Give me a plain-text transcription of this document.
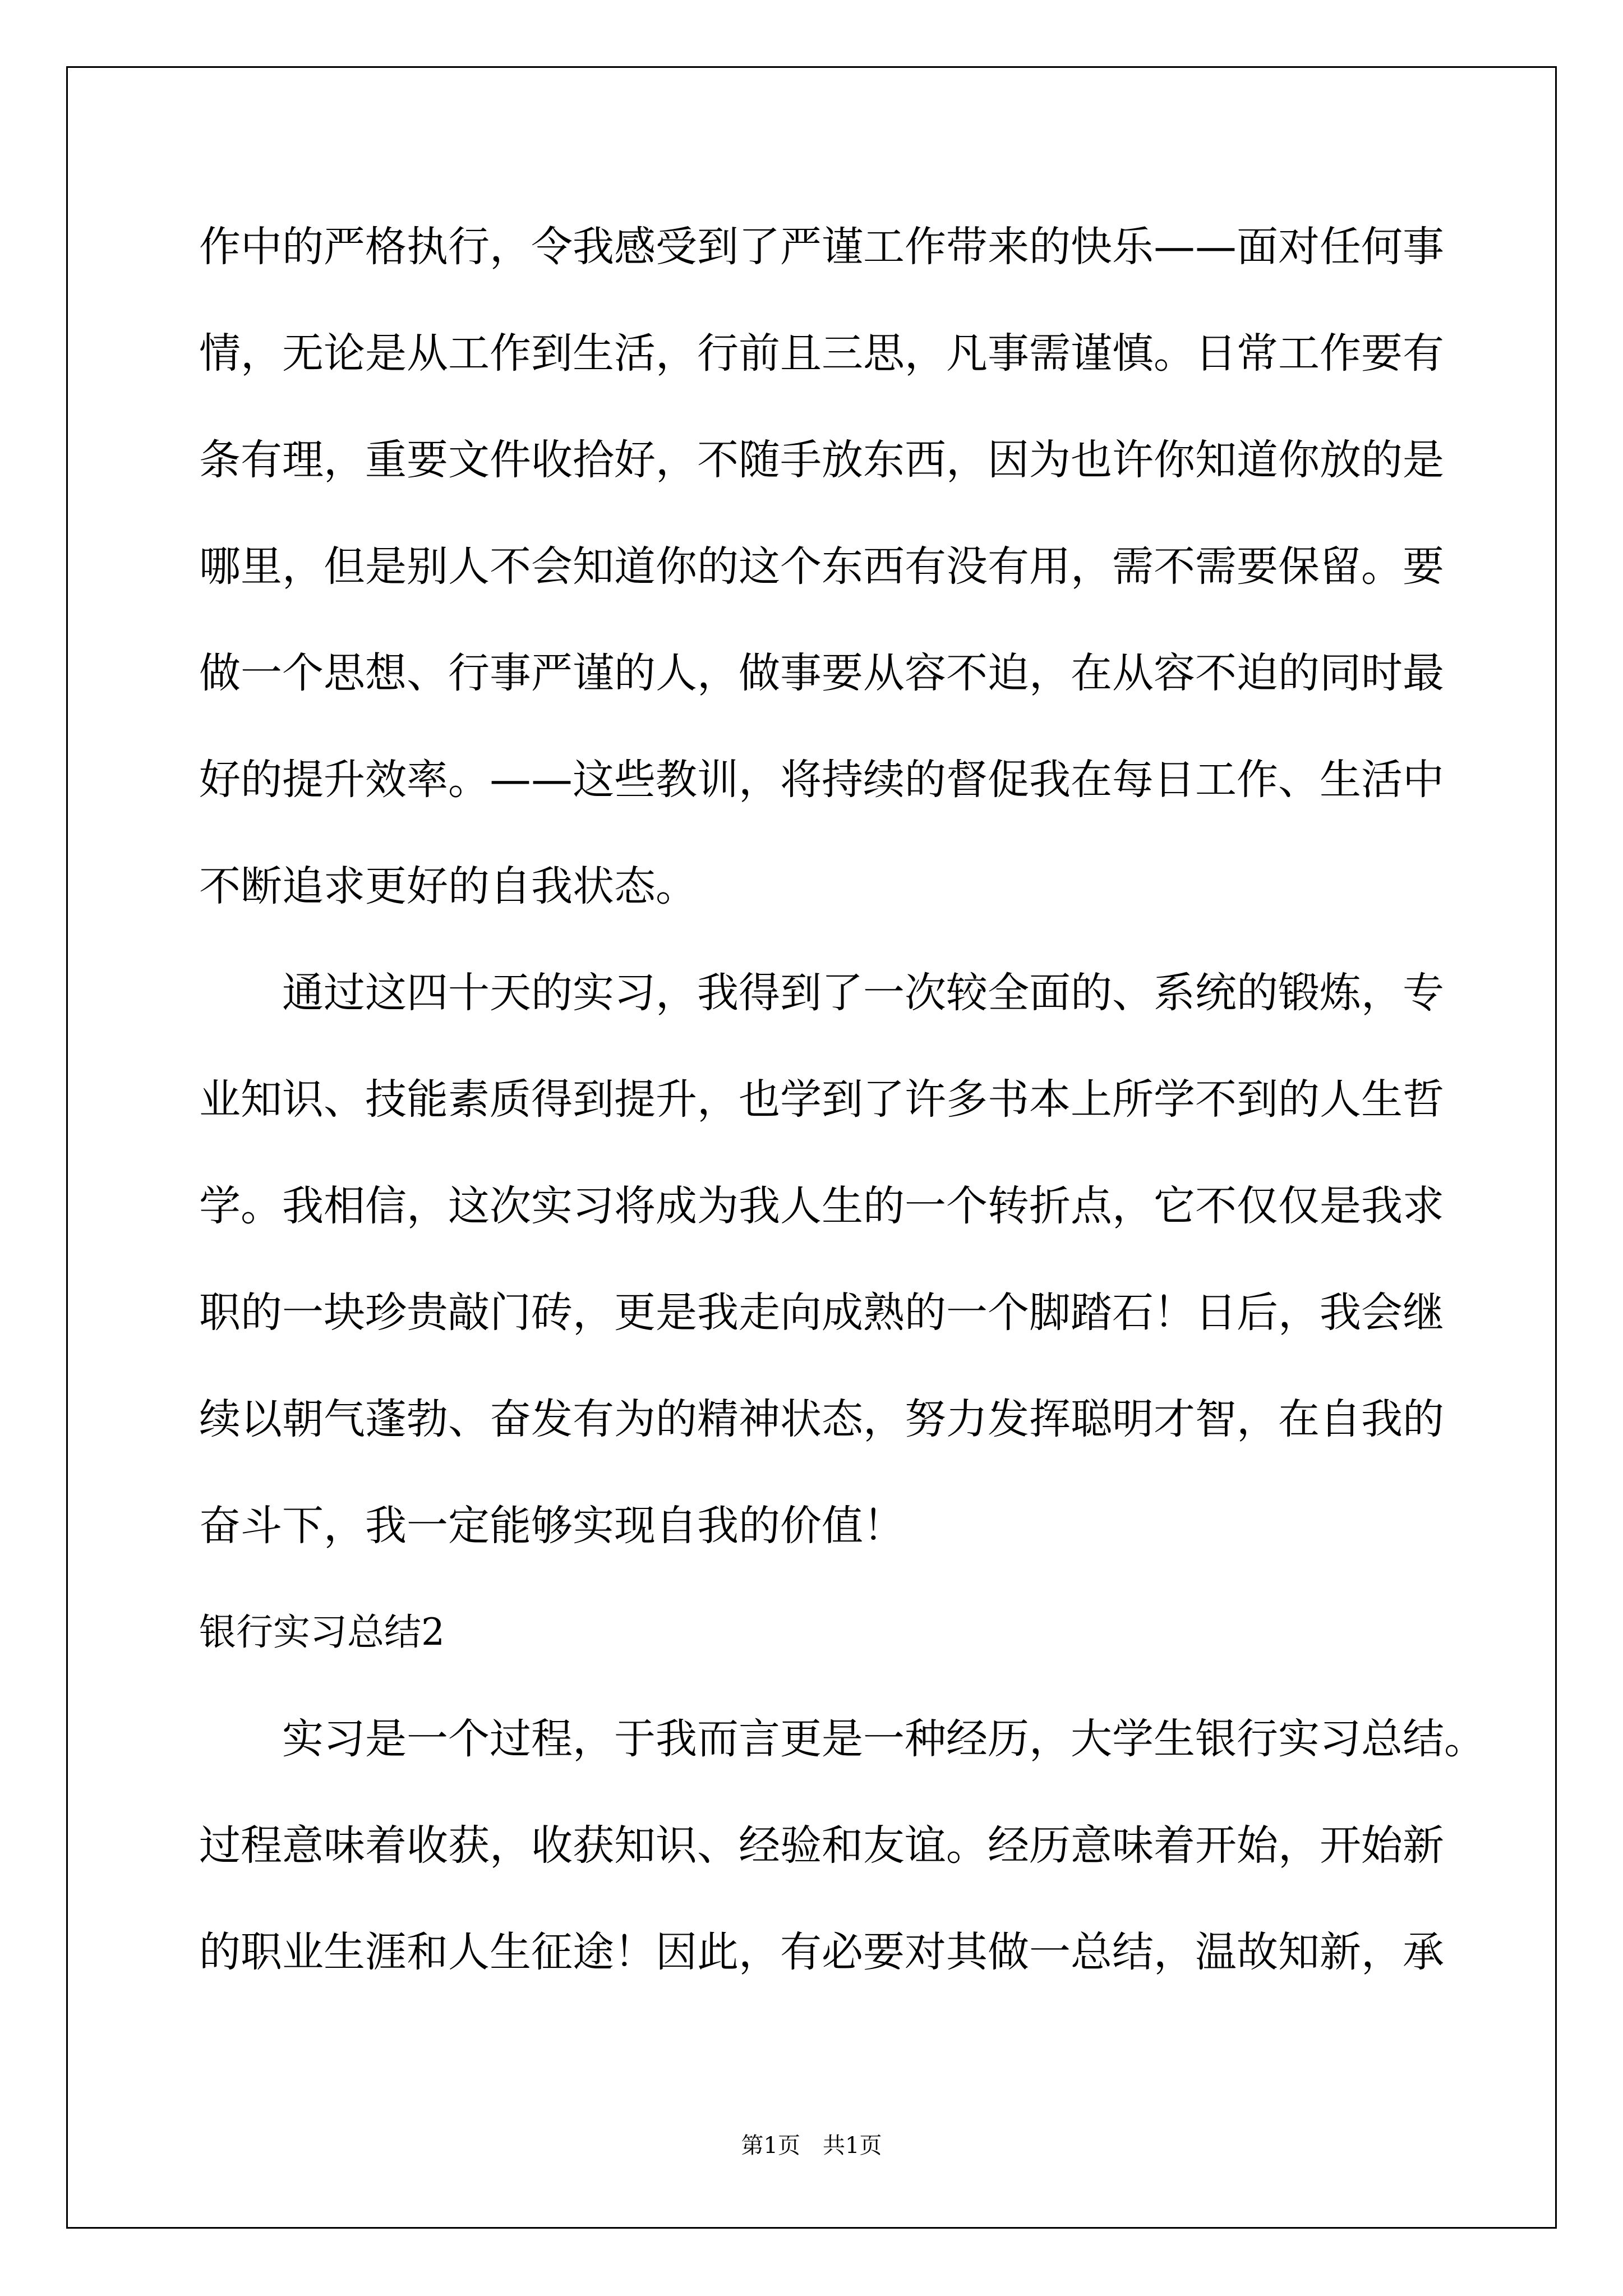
作中的严格执行，令我感受到了严谨工作带来的快乐——面对任何事
情，无论是从工作到生活，行前且三思，凡事需谨慎。日常工作要有
条有理，重要文件收拾好，不随手放东西，因为也许你知道你放的是
哪里，但是别人不会知道你的这个东西有没有用，需不需要保留。要
做一个思想、行事严谨的人，做事要从容不迫，在从容不迫的同时最
好的提升效率。——这些教训，将持续的督促我在每日工作、生活中
不断追求更好的自我状态。
　　通过这四十天的实习，我得到了一次较全面的、系统的锻炼，专
业知识、技能素质得到提升，也学到了许多书本上所学不到的人生哲
学。我相信，这次实习将成为我人生的一个转折点，它不仅仅是我求
职的一块珍贵敲门砖，更是我走向成熟的一个脚踏石！日后，我会继
续以朝气蓬勃、奋发有为的精神状态，努力发挥聪明才智，在自我的
奋斗下，我一定能够实现自我的价值！
银行实习总结2
　　实习是一个过程，于我而言更是一种经历，大学生银行实习总结。
过程意味着收获，收获知识、经验和友谊。经历意味着开始，开始新
的职业生涯和人生征途！因此，有必要对其做一总结，温故知新，承
第1页　共1页
